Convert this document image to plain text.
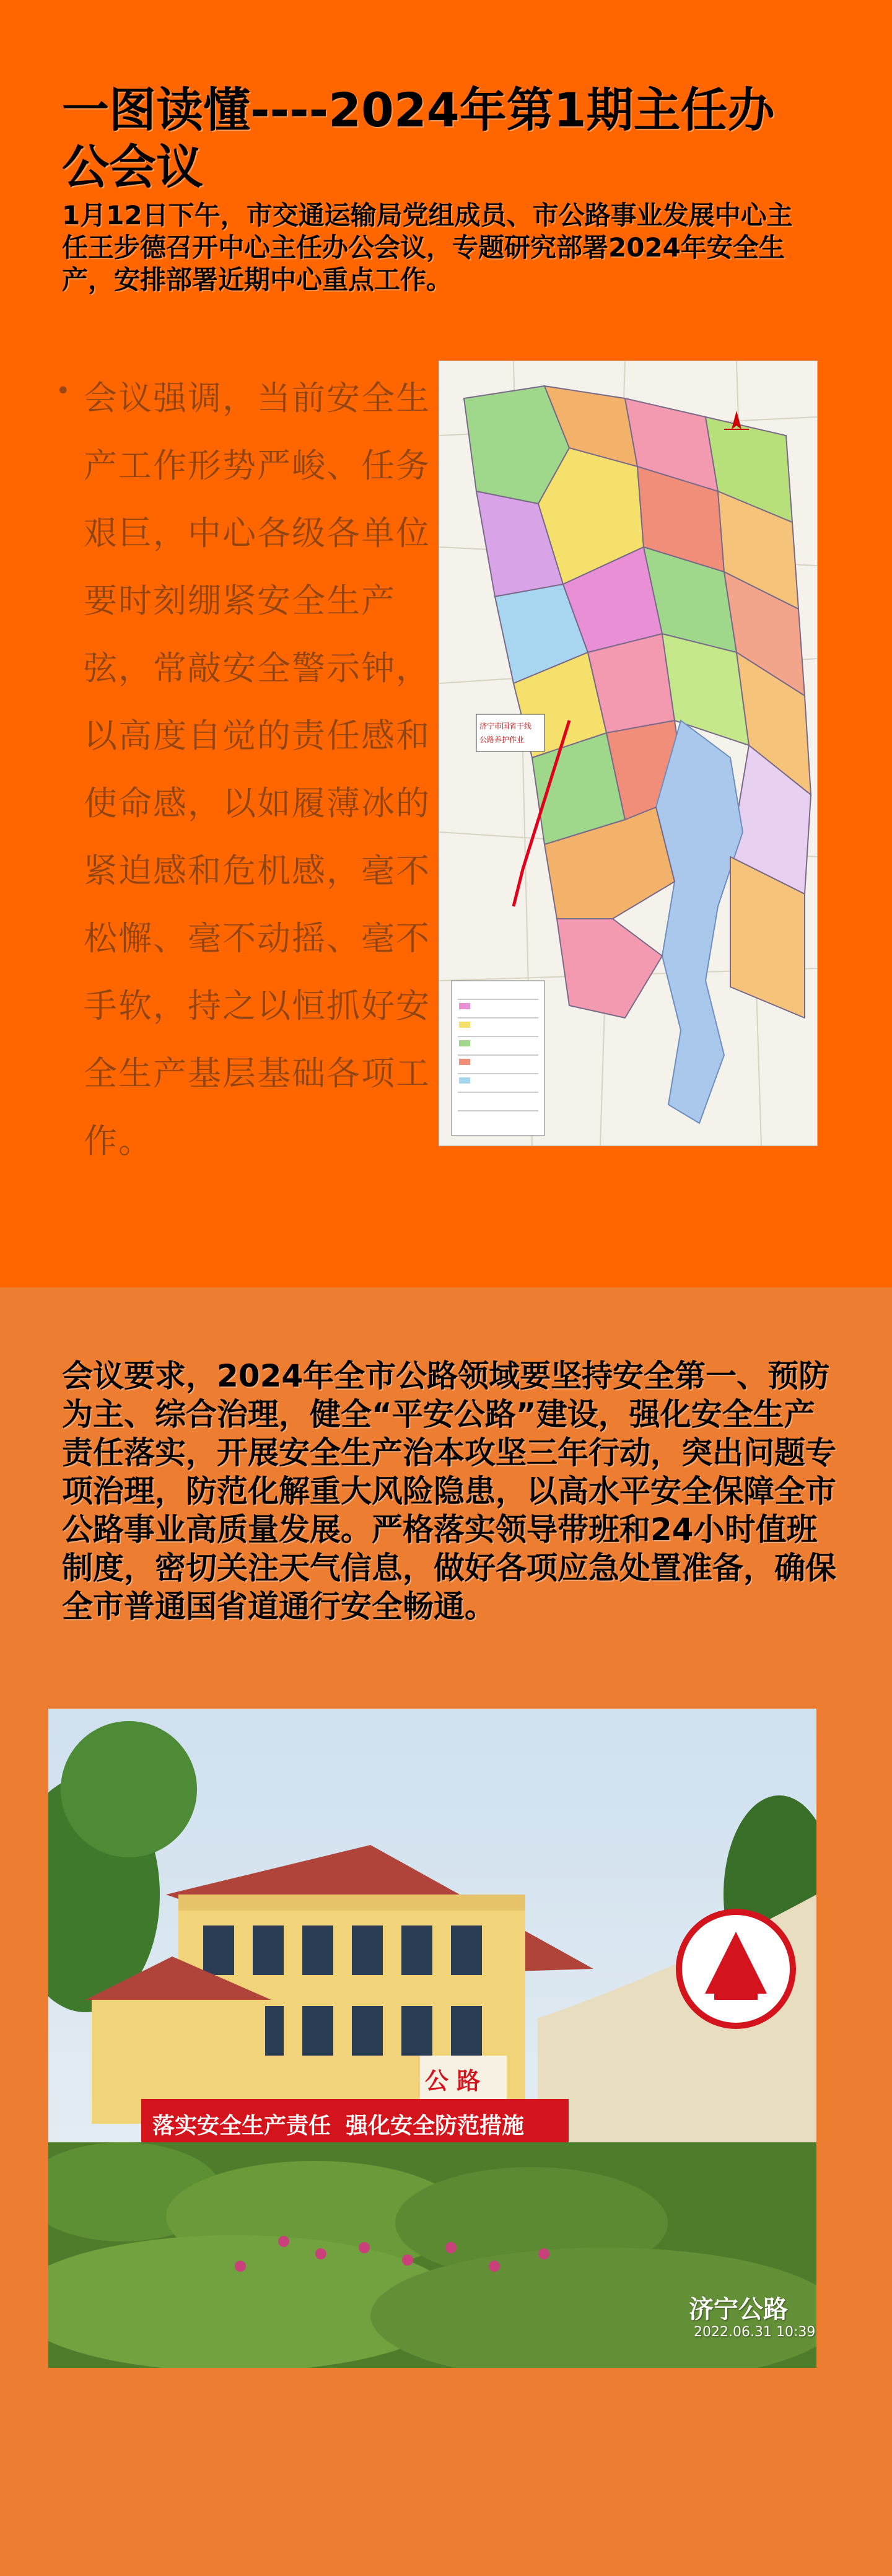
一图读懂----2024年第1期主任办公会议
1月12日下午，市交通运输局党组成员、市公路事业发展中心主任王步德召开中心主任办公会议，专题研究部署2024年安全生产，安排部署近期中心重点工作。
• 会议强调，当前安全生产工作形势严峻、任务艰巨，中心各级各单位要时刻绷紧安全生产弦，常敲安全警示钟，以高度自觉的责任感和使命感，以如履薄冰的紧迫感和危机感，毫不松懈、毫不动摇、毫不手软，持之以恒抓好安全生产基层基础各项工作。
济宁市国省干线
公路养护作业
会议要求，2024年全市公路领域要坚持安全第一、预防为主、综合治理，健全“平安公路”建设，强化安全生产责任落实，开展安全生产治本攻坚三年行动，突出问题专项治理，防范化解重大风险隐患，以高水平安全保障全市公路事业高质量发展。严格落实领导带班和24小时值班制度，密切关注天气信息，做好各项应急处置准备，确保全市普通国省道通行安全畅通。
落实安全生产责任 强化安全防范措施
公 路
济宁公路
2022.06.31 10:39
